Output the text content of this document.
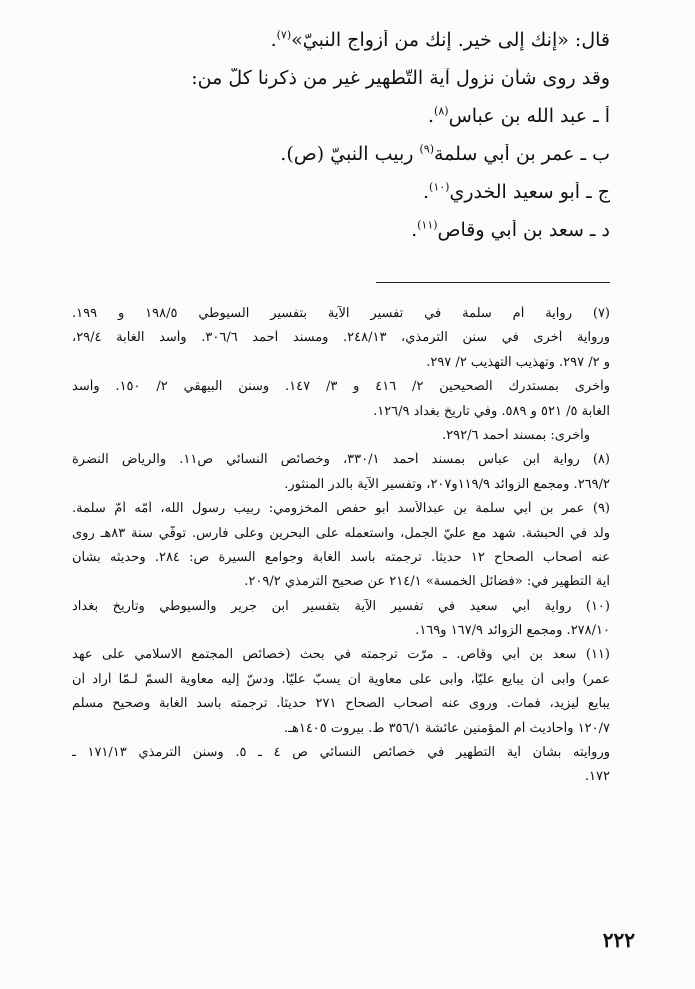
قال: «إنك إلى خير. إنك من أزواج النبيّ»$^{(٧)}$.
وقد روى شأن نزول آية التّطهير غير من ذكرنا كلّ من:
أ ـ عبد الله بن عباس$^{(٨)}$.
ب ـ عمر بن أبي سلمة$^{(٩)}$ ربيب النبيّ (ص).
ج ـ أبو سعيد الخدري$^{(١٠)}$.
د ـ سعد بن أبي وقاص$^{(١١)}$.
(٧) رواية أم سلمة في تفسير الآية بتفسير السيوطي ١٩٨/٥ و ١٩٩.
ورواية أخرى في سنن الترمذي، ٢٤٨/١٣. ومسند أحمد ٣٠٦/٦. وأسد الغابة ٢٩/٤،
و ٢/ ٢٩٧. وتهذيب التهذيب ٢/ ٢٩٧.
وأخرى بمستدرك الصحيحين ٢/ ٤١٦ و ٣/ ١٤٧. وسنن البيهقي ٢/ ١٥٠. وأسد
الغابة ٥/ ٥٢١ و ٥٨٩. وفي تاريخ بغداد ١٢٦/٩.
وأخرى: بمسند أحمد ٢٩٢/٦.
(٨) رواية ابن عباس بمسند أحمد ٣٣٠/١، وخصائص النسائي ص١١. والرياض النضرة
٢٦٩/٢. ومجمع الزوائد ١١٩/٩و٢٠٧، وتفسير الآية بالدر المنثور.
(٩) عمر بن أبي سلمة بن عبدالأسد أبو حفص المخزومي: ربيب رسول الله، أمّه أمّ سلمة.
ولد في الحبشة. شهد مع عليّ الجمل، واستعمله على البحرين وعلى فارس. توفّي سنة ٨٣هـ روى
عنه أصحاب الصحاح ١٢ حديثاً. ترجمته بأسد الغابة وجوامع السيرة ص: ٢٨٤. وحديثه بشأن
آية التطهير في: «فضائل الخمسة» ٢١٤/١ عن صحيح الترمذي ٢٠٩/٢.
(١٠) رواية أبي سعيد في تفسير الآية بتفسير ابن جرير والسيوطي وتاريخ بغداد
٢٧٨/١٠. ومجمع الزوائد ١٦٧/٩ و١٦٩.
(١١) سعد بن أبي وقاص. ـ مرّت ترجمته في بحث (خصائص المجتمع الاسلامي على عهد
عمر) وأبى أن يبايع عليّاً، وأبى على معاوية أن يسبّ عليّاً. ودسّ إليه معاوية السمّ لـمّا أراد أن
يبايع ليزيد، فمات. وروى عنه أصحاب الصحاح ٢٧١ حديثاً. ترجمته بأسد الغابة وصحيح مسلم
١٢٠/٧ وأحاديث أم المؤمنين عائشة ٣٥٦/١ ط. بيروت ١٤٠٥هـ.
وروايته بشأن آية التطهير في خصائص النسائي ص ٤ ـ ٥. وسنن الترمذي ١٧١/١٣ ـ
١٧٢.
٢٢٢
